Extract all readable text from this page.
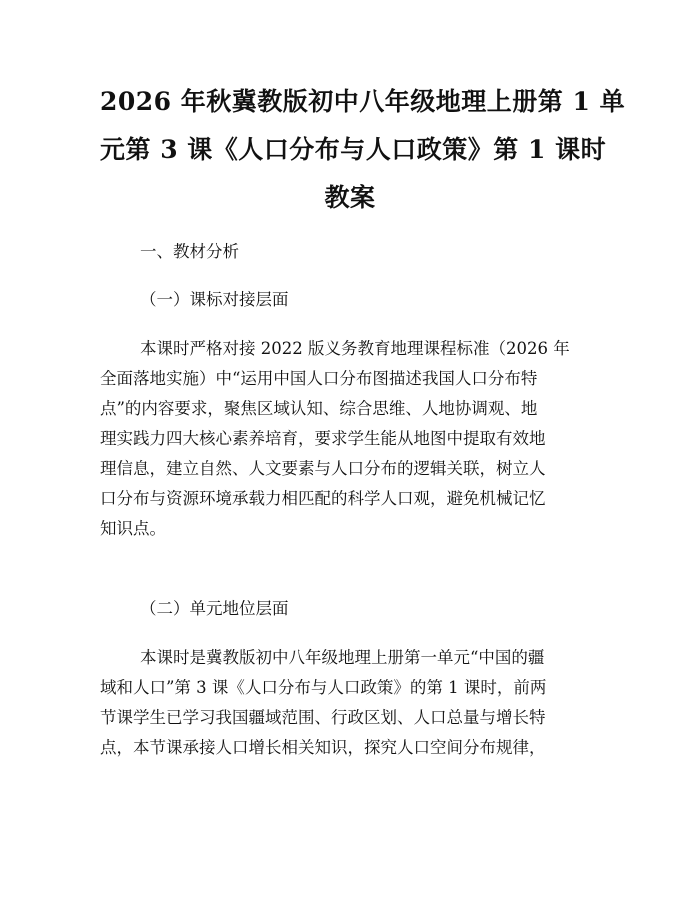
2026 年秋冀教版初中八年级地理上册第 1 单
元第 3 课《人口分布与人口政策》第 1 课时
教案

一、教材分析

（一）课标对接层面

本课时严格对接 2022 版义务教育地理课程标准（2026 年
全面落地实施）中“运用中国人口分布图描述我国人口分布特
点”的内容要求，聚焦区域认知、综合思维、人地协调观、地
理实践力四大核心素养培育，要求学生能从地图中提取有效地
理信息，建立自然、人文要素与人口分布的逻辑关联，树立人
口分布与资源环境承载力相匹配的科学人口观，避免机械记忆
知识点。

（二）单元地位层面

本课时是冀教版初中八年级地理上册第一单元“中国的疆
域和人口”第 3 课《人口分布与人口政策》的第 1 课时，前两
节课学生已学习我国疆域范围、行政区划、人口总量与增长特
点，本节课承接人口增长相关知识，探究人口空间分布规律，
